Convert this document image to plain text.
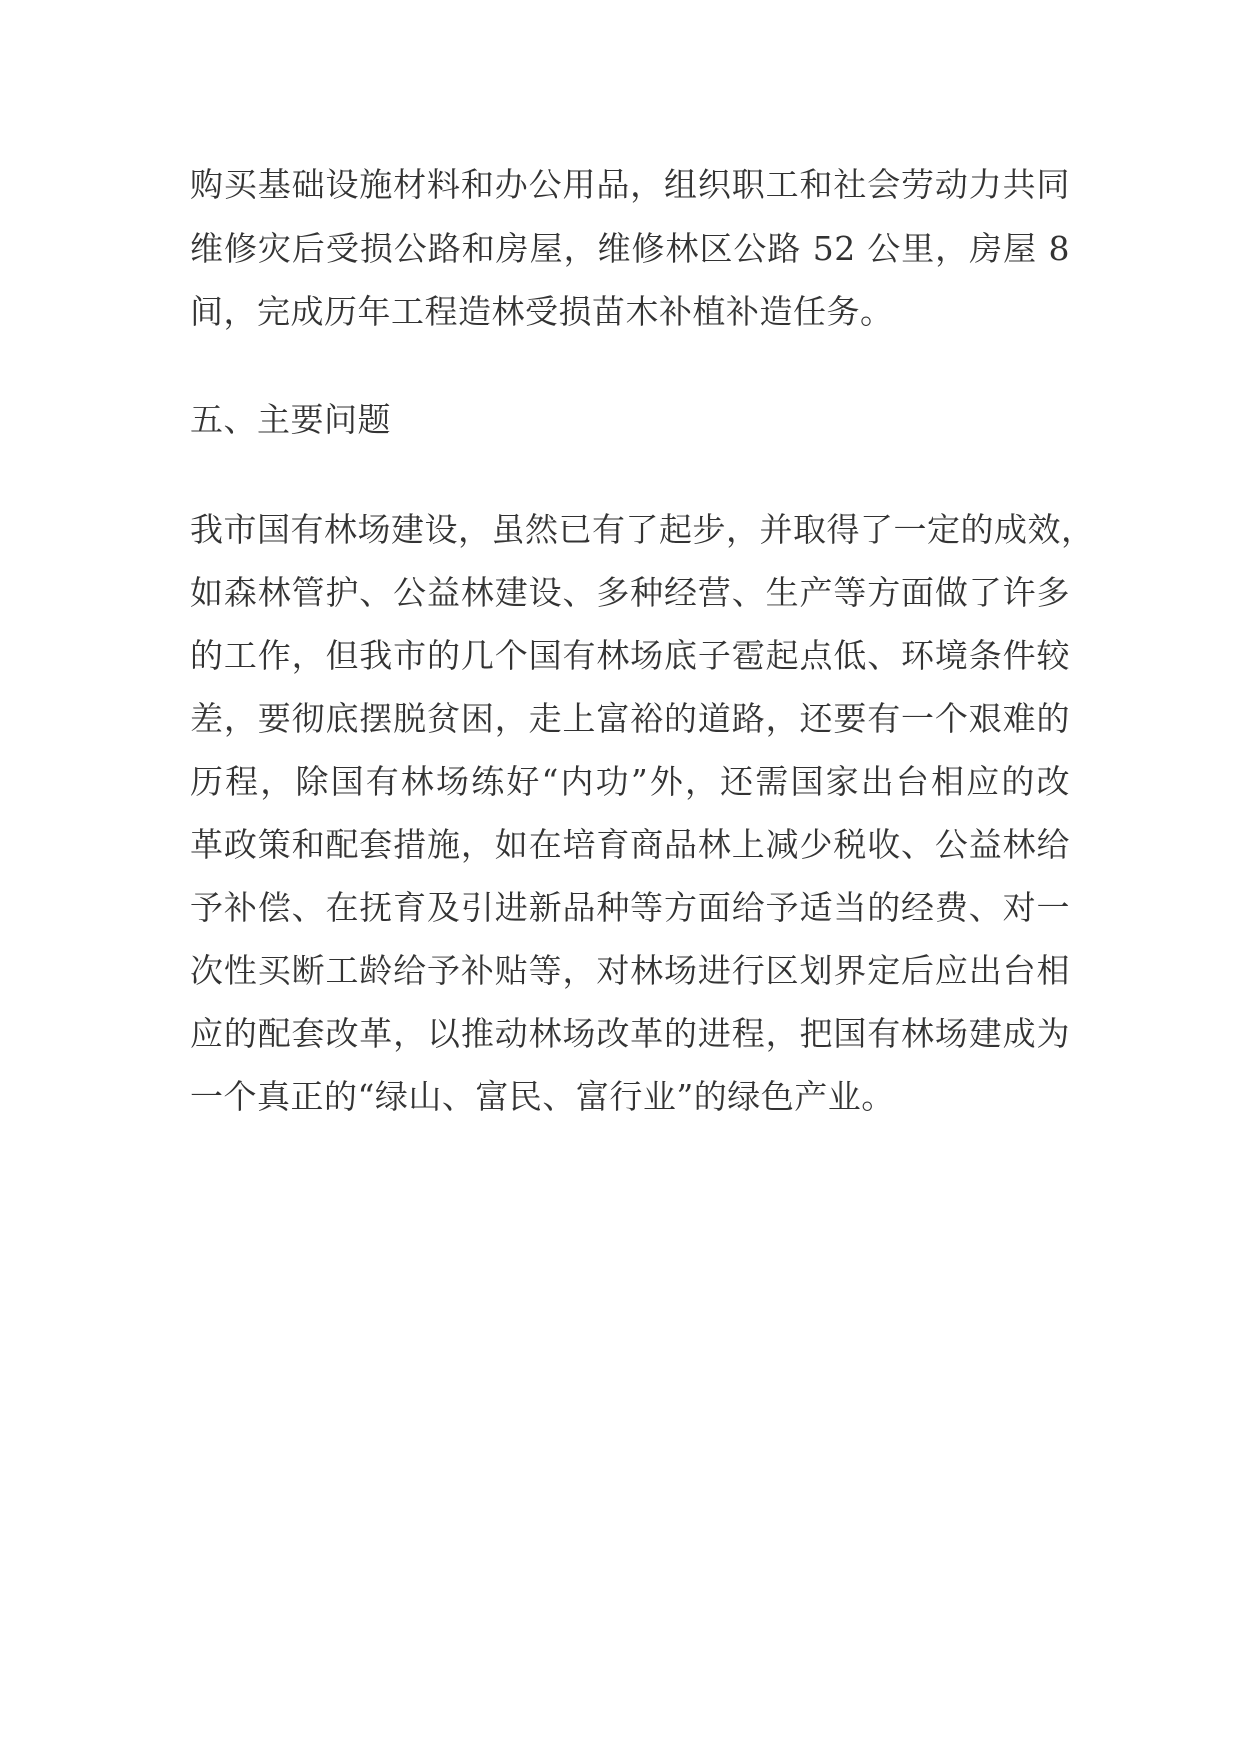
购买基础设施材料和办公用品，组织职工和社会劳动力共同
维修灾后受损公路和房屋，维修林区公路 52 公里，房屋 8
间，完成历年工程造林受损苗木补植补造任务。
五、主要问题
我市国有林场建设，虽然已有了起步，并取得了一定的成效，
如森林管护、公益林建设、多种经营、生产等方面做了许多
的工作，但我市的几个国有林场底子雹起点低、环境条件较
差，要彻底摆脱贫困，走上富裕的道路，还要有一个艰难的
历程，除国有林场练好“内功”外，还需国家出台相应的改
革政策和配套措施，如在培育商品林上减少税收、公益林给
予补偿、在抚育及引进新品种等方面给予适当的经费、对一
次性买断工龄给予补贴等，对林场进行区划界定后应出台相
应的配套改革，以推动林场改革的进程，把国有林场建成为
一个真正的“绿山、富民、富行业”的绿色产业。
